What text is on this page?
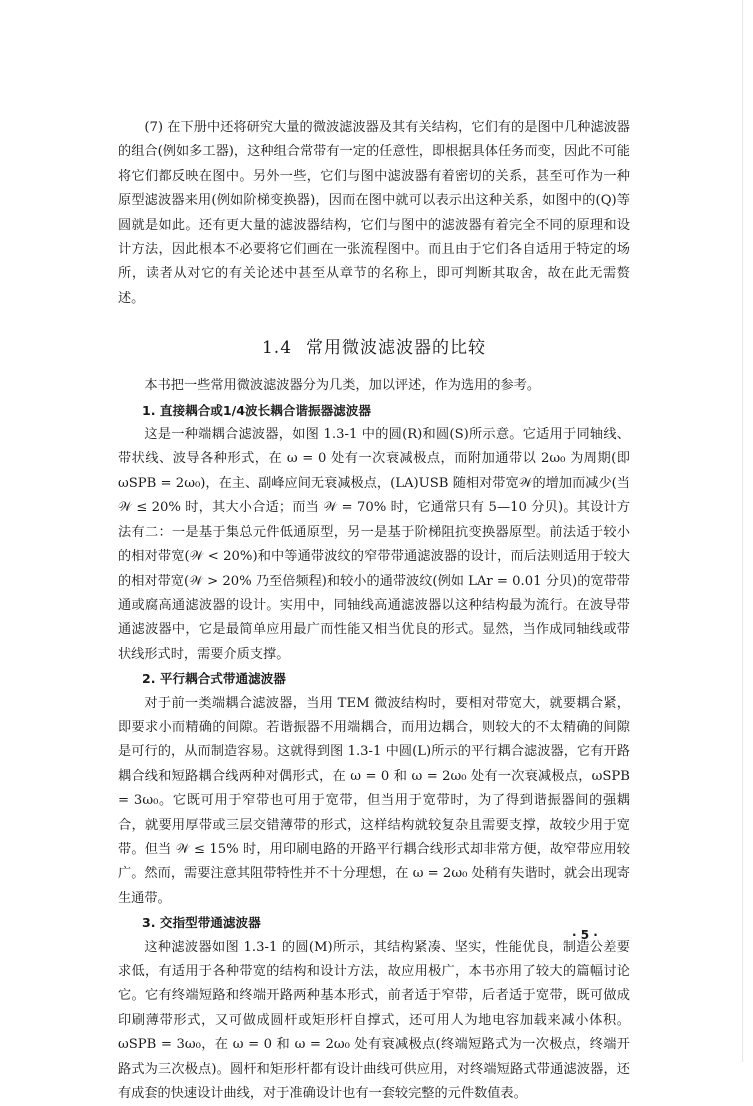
(7) 在下册中还将研究大量的微波滤波器及其有关结构，它们有的是图中几种滤波器的组合(例如多工器)，这种组合常带有一定的任意性，即根据具体任务而变，因此不可能将它们都反映在图中。另外一些，它们与图中滤波器有着密切的关系，甚至可作为一种原型滤波器来用(例如阶梯变换器)，因而在图中就可以表示出这种关系，如图中的(Q)等圆就是如此。还有更大量的滤波器结构，它们与图中的滤波器有着完全不同的原理和设计方法，因此根本不必要将它们画在一张流程图中。而且由于它们各自适用于特定的场所，读者从对它的有关论述中甚至从章节的名称上，即可判断其取舍，故在此无需赘述。

1.4 常用微波滤波器的比较

本书把一些常用微波滤波器分为几类，加以评述，作为选用的参考。

1. 直接耦合或1/4波长耦合谐振器滤波器

这是一种端耦合滤波器，如图 1.3-1 中的圆(R)和圆(S)所示意。它适用于同轴线、带状线、波导各种形式，在 ω = 0 处有一次衰减极点，而附加通带以 2ω₀ 为周期(即 ωSPB = 2ω₀)，在主、副峰应间无衰减极点，(LA)USB 随相对带宽𝒲的增加而减少(当 𝒲 ≤ 20% 时，其大小合适；而当 𝒲 = 70% 时，它通常只有 5—10 分贝)。其设计方法有二：一是基于集总元件低通原型，另一是基于阶梯阻抗变换器原型。前法适于较小的相对带宽(𝒲 < 20%)和中等通带波纹的窄带带通滤波器的设计，而后法则适用于较大的相对带宽(𝒲 > 20% 乃至倍频程)和较小的通带波纹(例如 LAr = 0.01 分贝)的宽带带通或腐高通滤波器的设计。实用中，同轴线高通滤波器以这种结构最为流行。在波导带通滤波器中，它是最简单应用最广而性能又相当优良的形式。显然，当作成同轴线或带状线形式时，需要介质支撑。

2. 平行耦合式带通滤波器

对于前一类端耦合滤波器，当用 TEM 微波结构时，要相对带宽大，就要耦合紧，即要求小而精确的间隙。若谐振器不用端耦合，而用边耦合，则较大的不太精确的间隙是可行的，从而制造容易。这就得到图 1.3-1 中圆(L)所示的平行耦合滤波器，它有开路耦合线和短路耦合线两种对偶形式，在 ω = 0 和 ω = 2ω₀ 处有一次衰减极点，ωSPB = 3ω₀。它既可用于窄带也可用于宽带，但当用于宽带时，为了得到谐振器间的强耦合，就要用厚带或三层交错薄带的形式，这样结构就较复杂且需要支撑，故较少用于宽带。但当 𝒲 ≤ 15% 时，用印刷电路的开路平行耦合线形式却非常方便，故窄带应用较广。然而，需要注意其阻带特性并不十分理想，在 ω = 2ω₀ 处稍有失谐时，就会出现寄生通带。

3. 交指型带通滤波器

这种滤波器如图 1.3-1 的圆(M)所示，其结构紧凑、坚实，性能优良，制造公差要求低，有适用于各种带宽的结构和设计方法，故应用极广，本书亦用了较大的篇幅讨论它。它有终端短路和终端开路两种基本形式，前者适于窄带，后者适于宽带，既可做成印刷薄带形式，又可做成圆杆或矩形杆自撑式，还可用人为地电容加载来减小体积。ωSPB = 3ω₀，在 ω = 0 和 ω = 2ω₀ 处有衰减极点(终端短路式为一次极点，终端开路式为三次极点)。圆杆和矩形杆都有设计曲线可供应用，对终端短路式带通滤波器，还有成套的快速设计曲线，对于准确设计也有一套较完整的元件数值表。

· 5 ·
